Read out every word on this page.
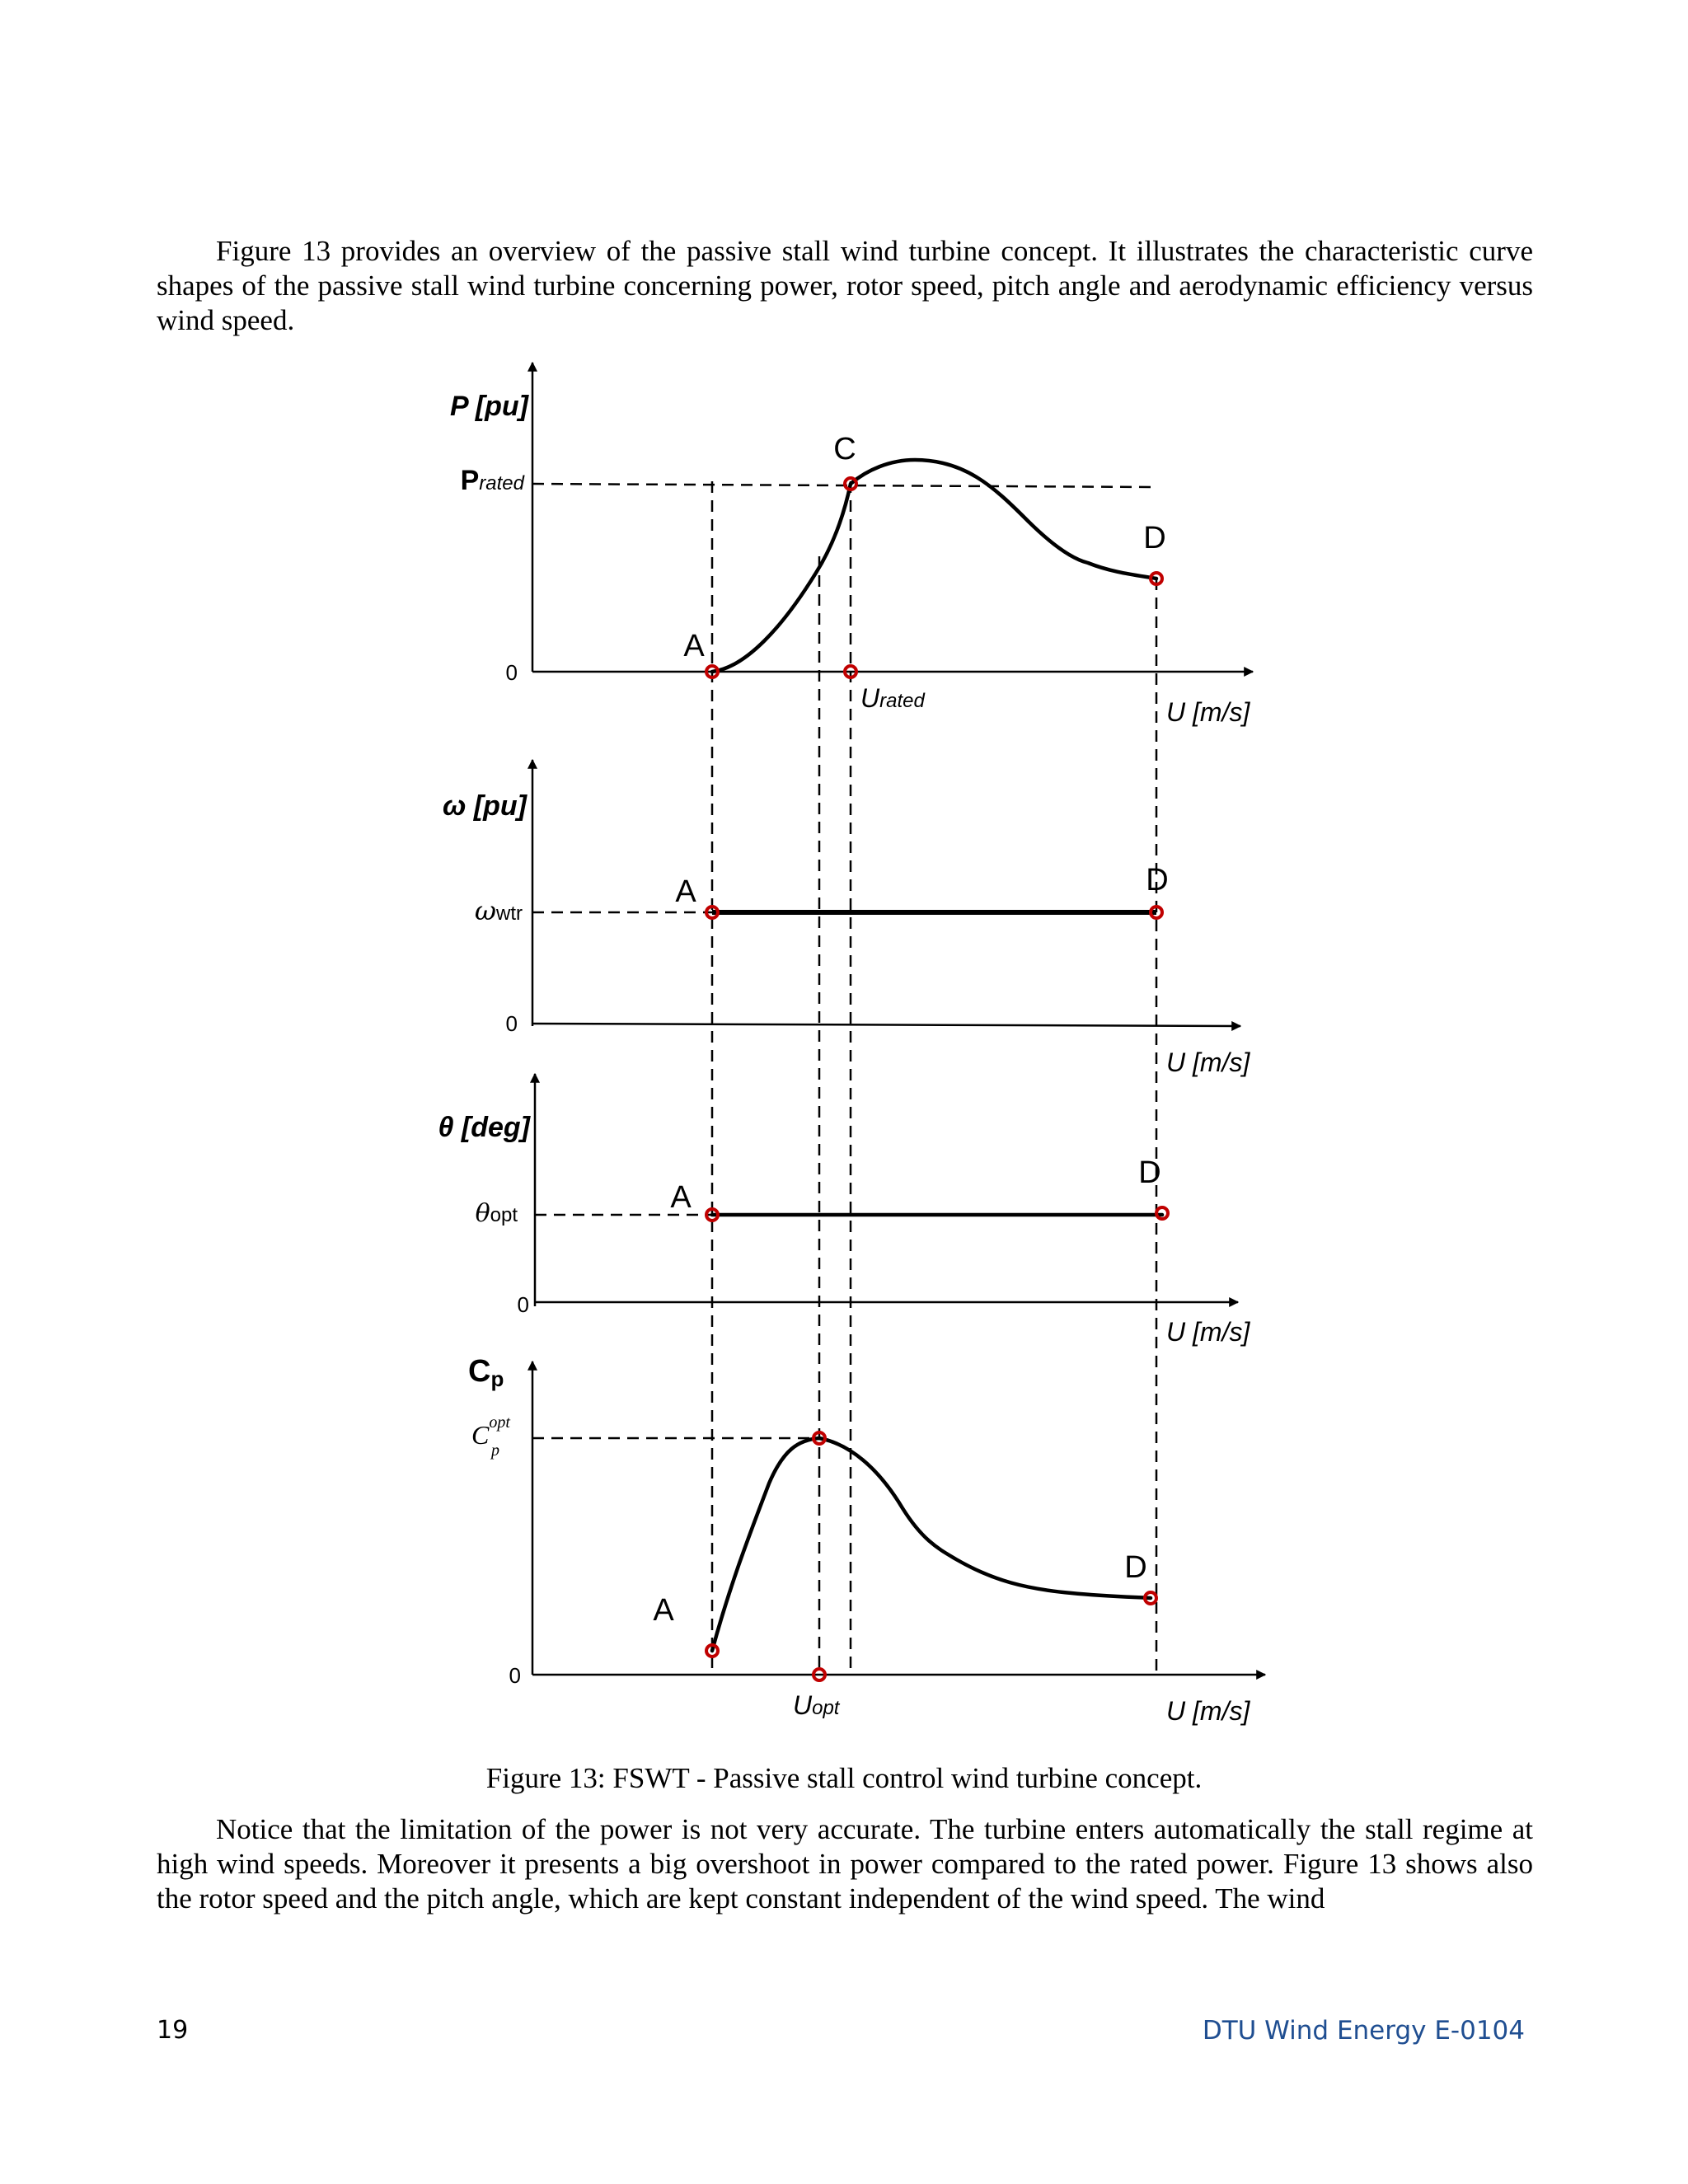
Figure 13 provides an overview of the passive stall wind turbine concept. It illustrates the characteristic curve shapes of the passive stall wind turbine concerning power, rotor speed, pitch angle and aerodynamic efficiency versus wind speed.

P [pu]
Prated
0
A
C
D
Urated	U [m/s]
ω [pu]
ωwtr
0
A	D
U [m/s]
θ [deg]
θopt
0
A
D
U [m/s]
Cp
Copt p
0
A
D
Uopt	U [m/s]
Figure 13: FSWT - Passive stall control wind turbine concept.

Notice that the limitation of the power is not very accurate. The turbine enters automatically the stall regime at high wind speeds. Moreover it presents a big overshoot in power compared to the rated power. Figure 13 shows also the rotor speed and the pitch angle, which are kept constant independent of the wind speed. The wind

19	DTU Wind Energy E-0104
